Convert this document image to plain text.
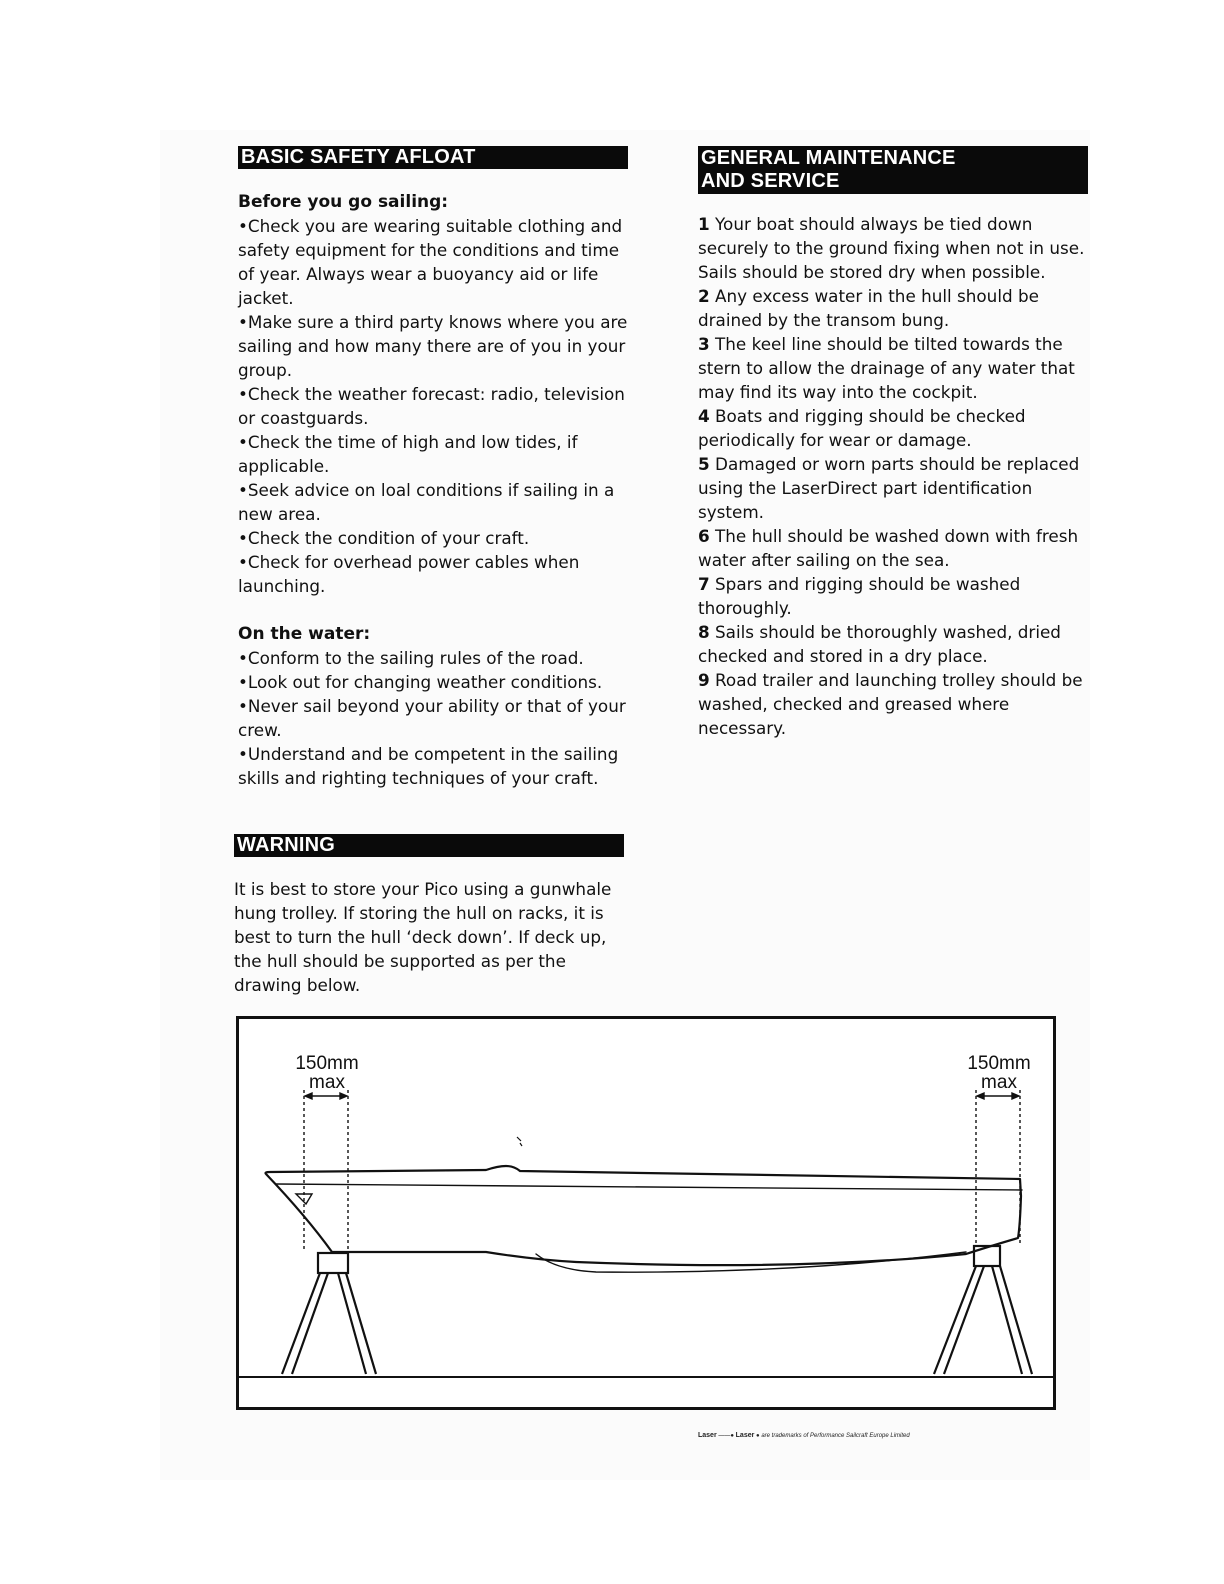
BASIC SAFETY AFLOAT
Before you go sailing:
•Check you are wearing suitable clothing and
safety equipment for the conditions and time
of year. Always wear a buoyancy aid or life
jacket.
•Make sure a third party knows where you are
sailing and how many there are of you in your
group.
•Check the weather forecast: radio, television
or coastguards.
•Check the time of high and low tides, if
applicable.
•Seek advice on loal conditions if sailing in a
new area.
•Check the condition of your craft.
•Check for overhead power cables when
launching.
On the water:
•Conform to the sailing rules of the road.
•Look out for changing weather conditions.
•Never sail beyond your ability or that of your
crew.
•Understand and be competent in the sailing
skills and righting techniques of your craft.
GENERAL MAINTENANCE
AND SERVICE
1 Your boat should always be tied down
securely to the ground fixing when not in use.
Sails should be stored dry when possible.
2 Any excess water in the hull should be
drained by the transom bung.
3 The keel line should be tilted towards the
stern to allow the drainage of any water that
may find its way into the cockpit.
4 Boats and rigging should be checked
periodically for wear or damage.
5 Damaged or worn parts should be replaced
using the LaserDirect part identification
system.
6 The hull should be washed down with fresh
water after sailing on the sea.
7 Spars and rigging should be washed
thoroughly.
8 Sails should be thoroughly washed, dried
checked and stored in a dry place.
9 Road trailer and launching trolley should be
washed, checked and greased where necessary.
WARNING
It is best to store your Pico using a gunwhale
hung trolley. If storing the hull on racks, it is
best to turn the hull ‘deck down’. If deck up,
the hull should be supported as per the
drawing below.
150mm
max
150mm
max
Laser ——● Laser ● are trademarks of Performance Sailcraft Europe Limited
